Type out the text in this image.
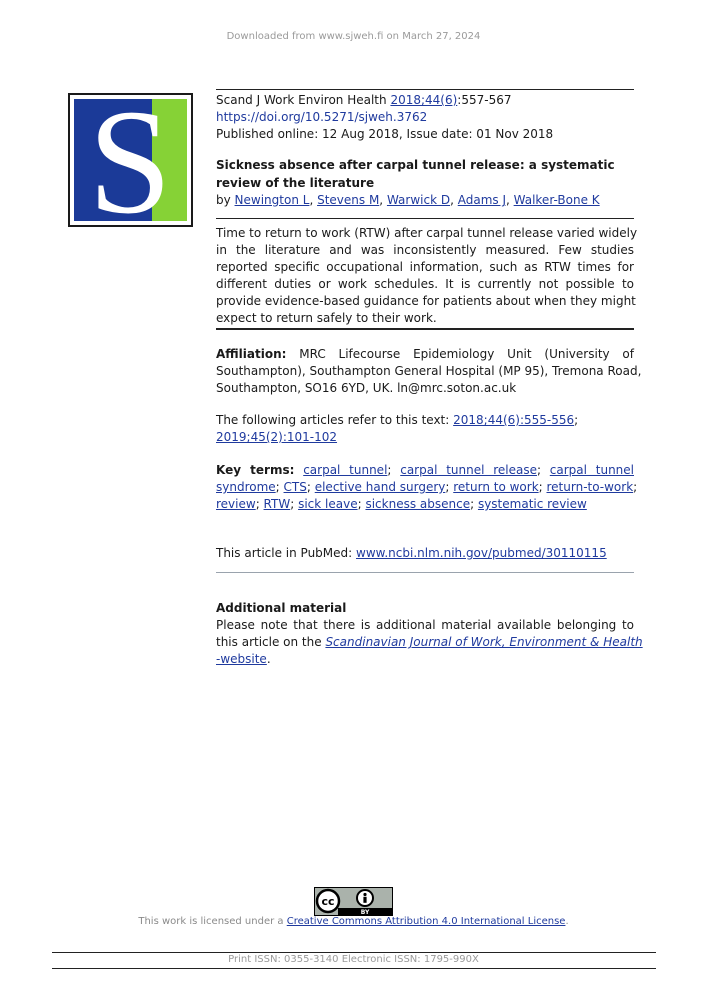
Downloaded from www.sjweh.fi on March 27, 2024
S	Scand J Work Environ Health 2018;44(6):557-567
https://doi.org/10.5271/sjweh.3762
Published online: 12 Aug 2018, Issue date: 01 Nov 2018
Sickness absence after carpal tunnel release: a systematic
review of the literature
by Newington L, Stevens M, Warwick D, Adams J, Walker-Bone K
Time to return to work (RTW) after carpal tunnel release varied widely
in the literature and was inconsistently measured. Few studies
reported specific occupational information, such as RTW times for
different duties or work schedules. It is currently not possible to
provide evidence-based guidance for patients about when they might
expect to return safely to their work.
Affiliation: MRC Lifecourse Epidemiology Unit (University of
Southampton), Southampton General Hospital (MP 95), Tremona Road,
Southampton, SO16 6YD, UK. ln@mrc.soton.ac.uk
The following articles refer to this text: 2018;44(6):555-556;
2019;45(2):101-102
Key terms: carpal tunnel; carpal tunnel release; carpal tunnel
syndrome; CTS; elective hand surgery; return to work; return-to-work;
review; RTW; sick leave; sickness absence; systematic review
This article in PubMed: www.ncbi.nlm.nih.gov/pubmed/30110115
Additional material
Please note that there is additional material available belonging to
this article on the Scandinavian Journal of Work, Environment & Health
-website.
cc
BY
This work is licensed under a Creative Commons Attribution 4.0 International License.
Print ISSN: 0355-3140 Electronic ISSN: 1795-990X
